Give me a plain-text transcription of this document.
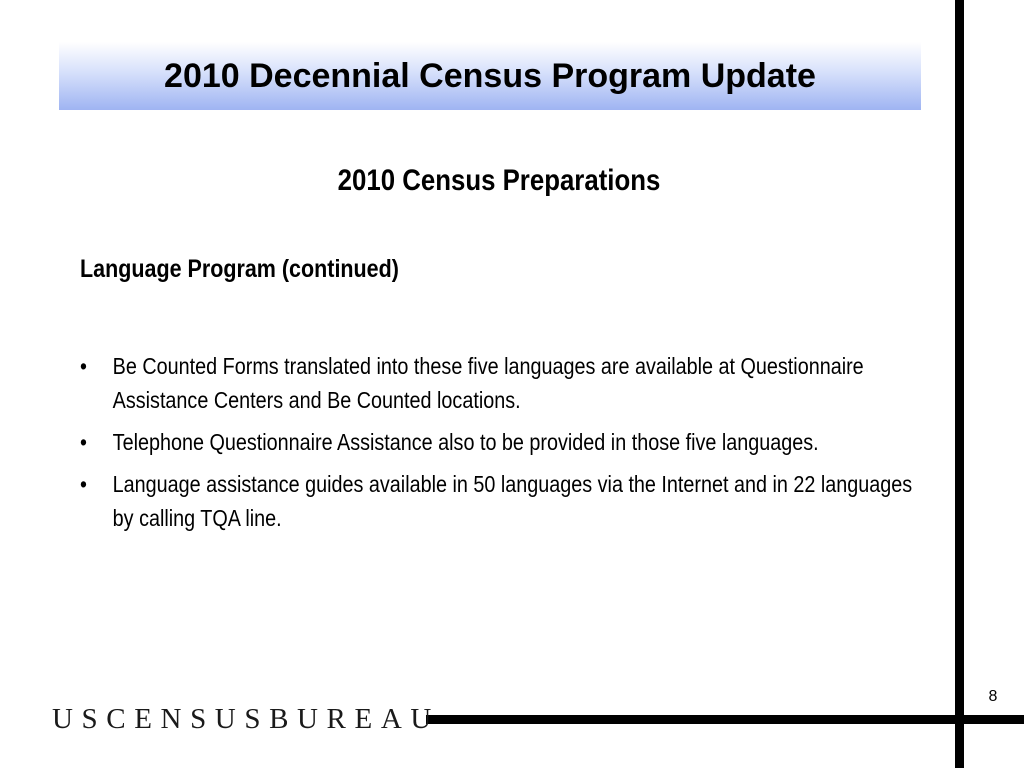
2010 Decennial Census Program Update
2010 Census Preparations
Language Program (continued)
•	Be Counted Forms translated into these five languages are available at Questionnaire Assistance Centers and Be Counted locations.
•	Telephone Questionnaire Assistance also to be provided in those five languages.
•	Language assistance guides available in 50 languages via the Internet and in 22 languages by calling TQA line.
8
USCENSUSBUREAU
